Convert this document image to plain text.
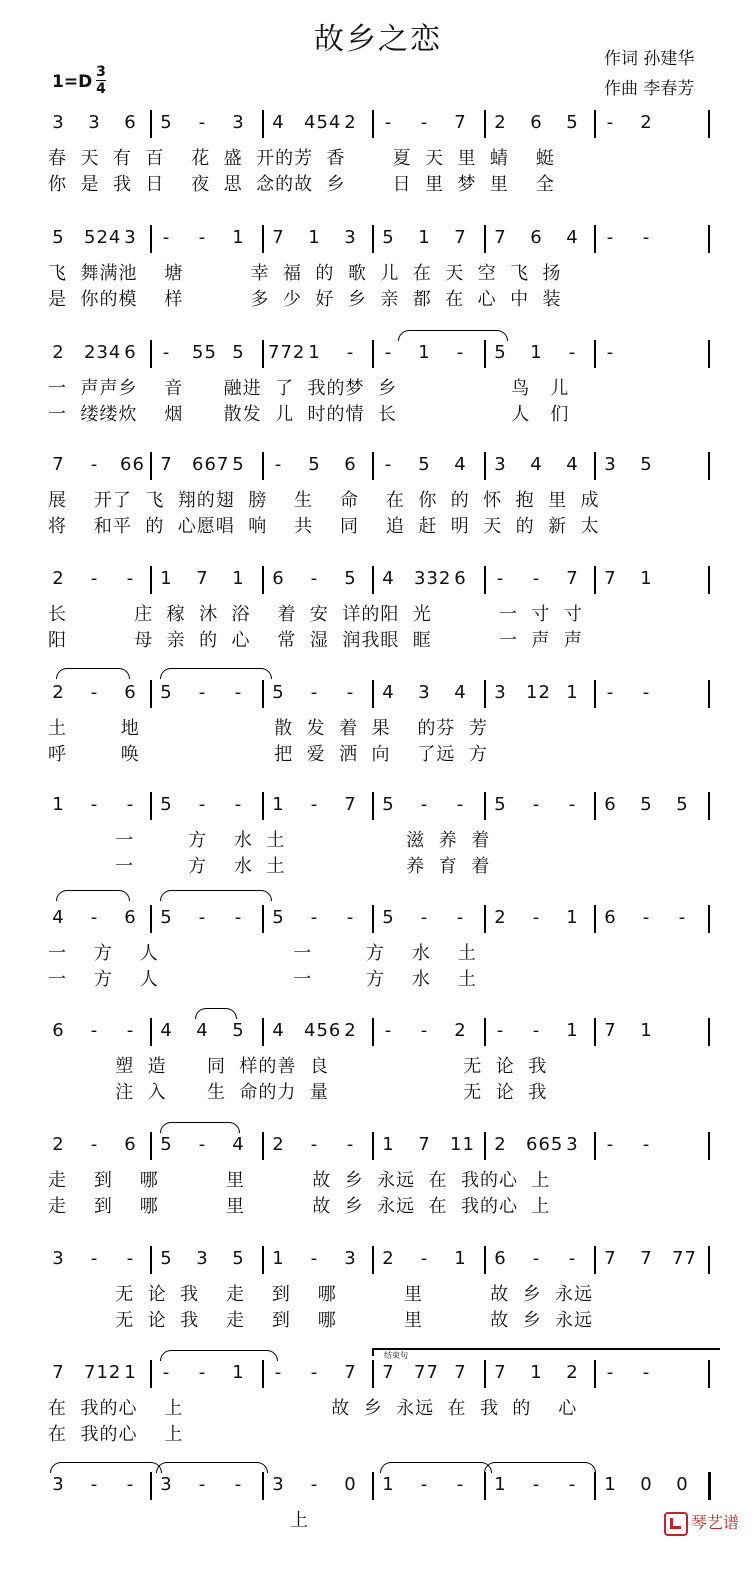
故乡之恋
作词 孙建华
作曲 李春芳
1=D 3
4
3 3 6 5	-	3 4 454 2	-	-	7 2 6 5	-	2
春  天  有  百    花  盛  开的芳  香       夏  天  里  蜻    蜓
你  是  我  日    夜  思  念的故  乡       日  里  梦  里    全
5 524 3	-	-	1 7 1 3 5 1 7 7 6 4	-	-
飞  舞满池    塘          幸  福  的  歌  儿  在  天  空  飞  扬
是  你的模    样          多  少  好  乡  亲  都  在  心  中  装
2 234 6	-	55 5 772 1	-	-	1	-	5 1	-	-
一  声声乡    音      融进  了  我的梦  乡                 鸟   儿
一  缕缕炊    烟      散发  儿  时的情  长                 人   们
7	-	66 7 667 5	-	5 6	-	5 4 3 4 4 3 5
展    开了  飞  翔的翅  膀    生    命    在  你  的  怀  抱  里  成
将    和平  的  心愿唱  响    共    同    追  赶  明  天  的  新  太
2	-	-	1 7 1 6	-	5 4 332 6	-	-	7 7 1
长          庄  稼  沐  浴    着  安  详的阳  光          一  寸  寸
阳          母  亲  的  心    常  湿  润我眼  眶          一  声  声
2	-	6 5	-	-	5	-	-	4 3 4 3 12 1	-	-
土        地                    散  发  着  果    的芬  芳
呼        唤                    把  爱  洒  向    了远  方
1	-	-	5	-	-	1	-	7 5	-	-	5	-	-	6 5 5
一        方    水  土                  滋  养  着
一        方    水  土                  养  育  着
4	-	6 5	-	-	5	-	-	5	-	-	2	-	1 6	-	-
一    方    人                    一        方    水    土
一    方    人                    一        方    水    土
6	-	-	4 4 5 4 456 2	-	-	2	-	-	1 7 1
塑  造      同  样的善  良                    无  论  我
注  入      生  命的力  量                    无  论  我
2	-	6 5	-	4 2	-	-	1 7 11 2 665 3	-	-
走    到    哪          里          故  乡  永远  在  我的心  上
走    到    哪          里          故  乡  永远  在  我的心  上
3	-	-	5 3 5 1	-	3 2	-	1 6	-	-	7 7 77
无  论  我    走    到    哪          里          故  乡  永远
无  论  我    走    到    哪          里          故  乡  永远
7 712 1	-	-	1	-	-	7 7 77 7 7 1 2	-	-
在  我的心    上                      故  乡  永远  在  我  的    心
在  我的心    上
结束句
3	-	-	3	-	-	3	-	0 1	-	-	1	-	-	1 0 0
上	琴艺谱
